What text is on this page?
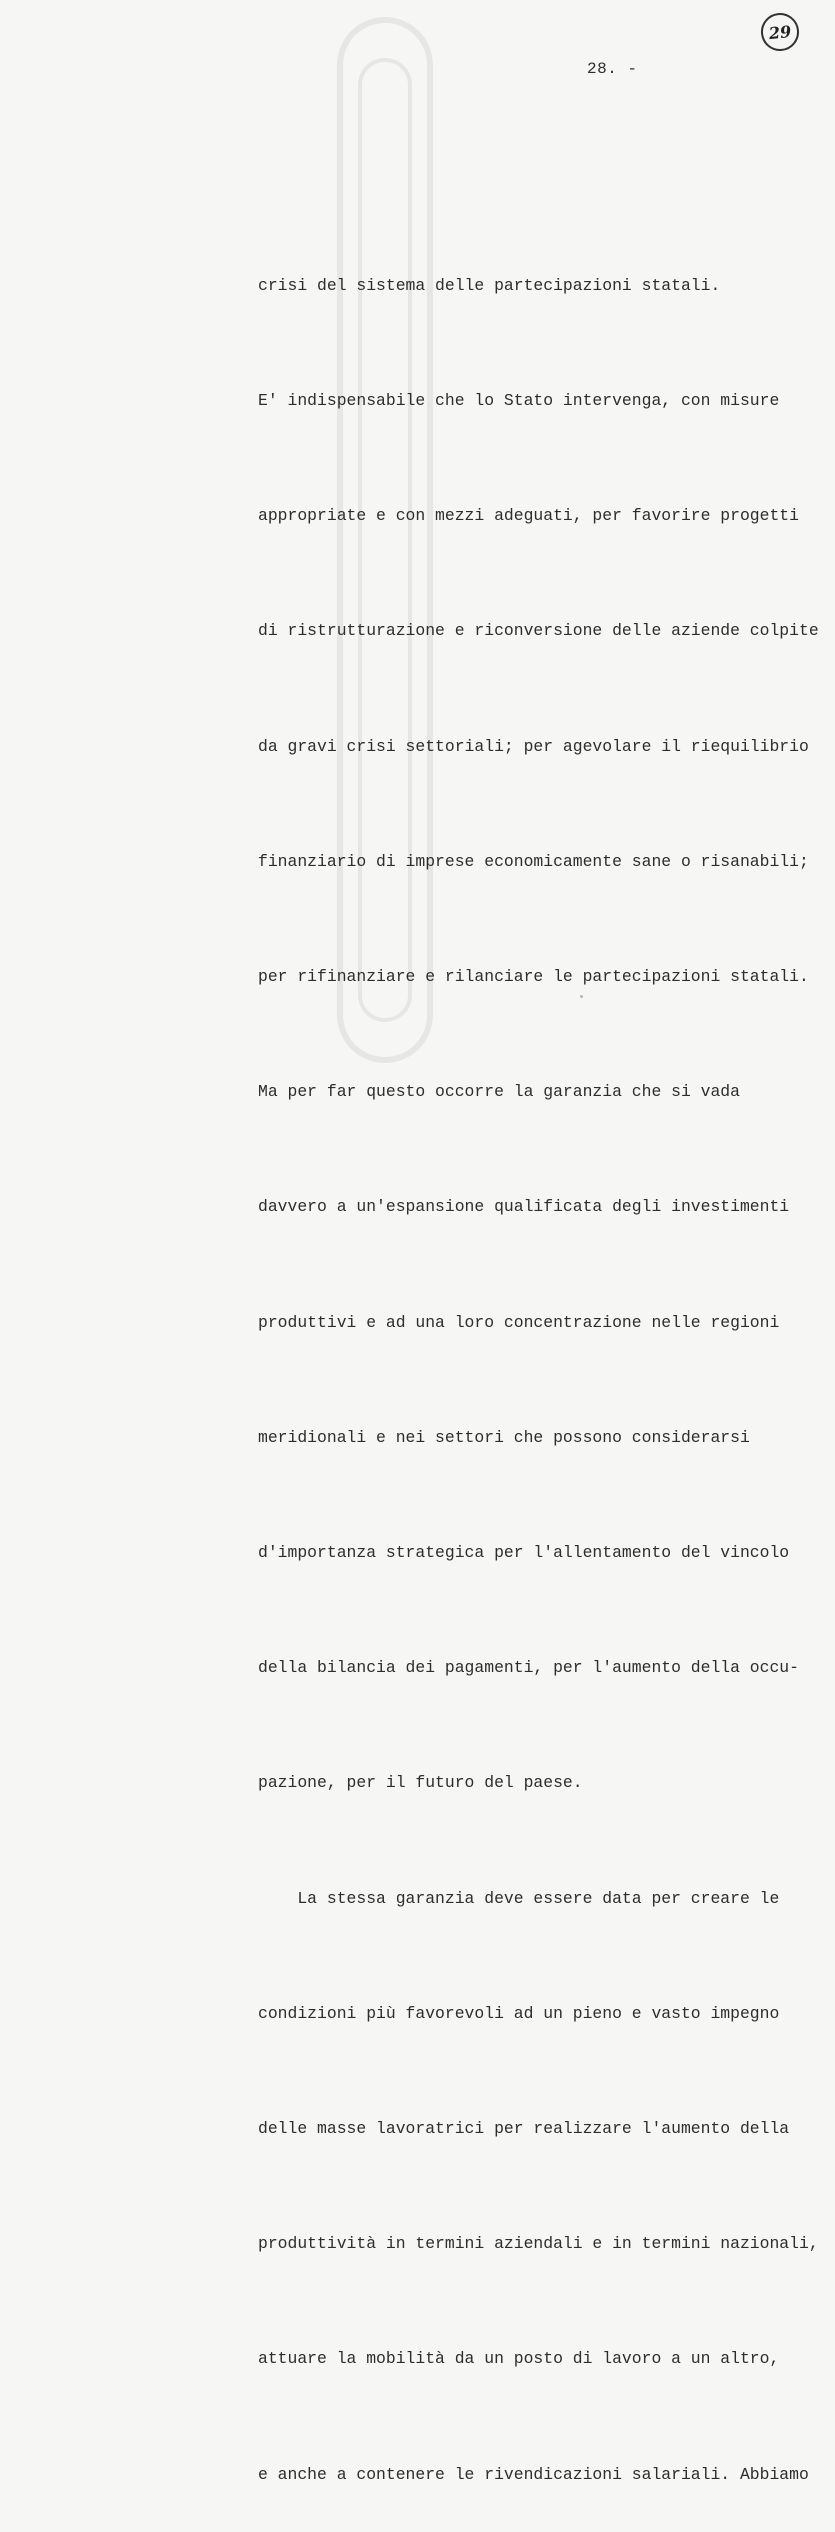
29
28. -

crisi del sistema delle partecipazioni statali.

E' indispensabile che lo Stato intervenga, con misure

appropriate e con mezzi adeguati, per favorire progetti

di ristrutturazione e riconversione delle aziende colpite

da gravi crisi settoriali; per agevolare il riequilibrio

finanziario di imprese economicamente sane o risanabili;

per rifinanziare e rilanciare le partecipazioni statali.

Ma per far questo occorre la garanzia che si vada

davvero a un'espansione qualificata degli investimenti

produttivi e ad una loro concentrazione nelle regioni

meridionali e nei settori che possono considerarsi

d'importanza strategica per l'allentamento del vincolo

della bilancia dei pagamenti, per l'aumento della occu-

pazione, per il futuro del paese.

La stessa garanzia deve essere data per creare le

condizioni più favorevoli ad un pieno e vasto impegno

delle masse lavoratrici per realizzare l'aumento della

produttività in termini aziendali e in termini nazionali,

attuare la mobilità da un posto di lavoro a un altro,

e anche a contenere le rivendicazioni salariali. Abbiamo
